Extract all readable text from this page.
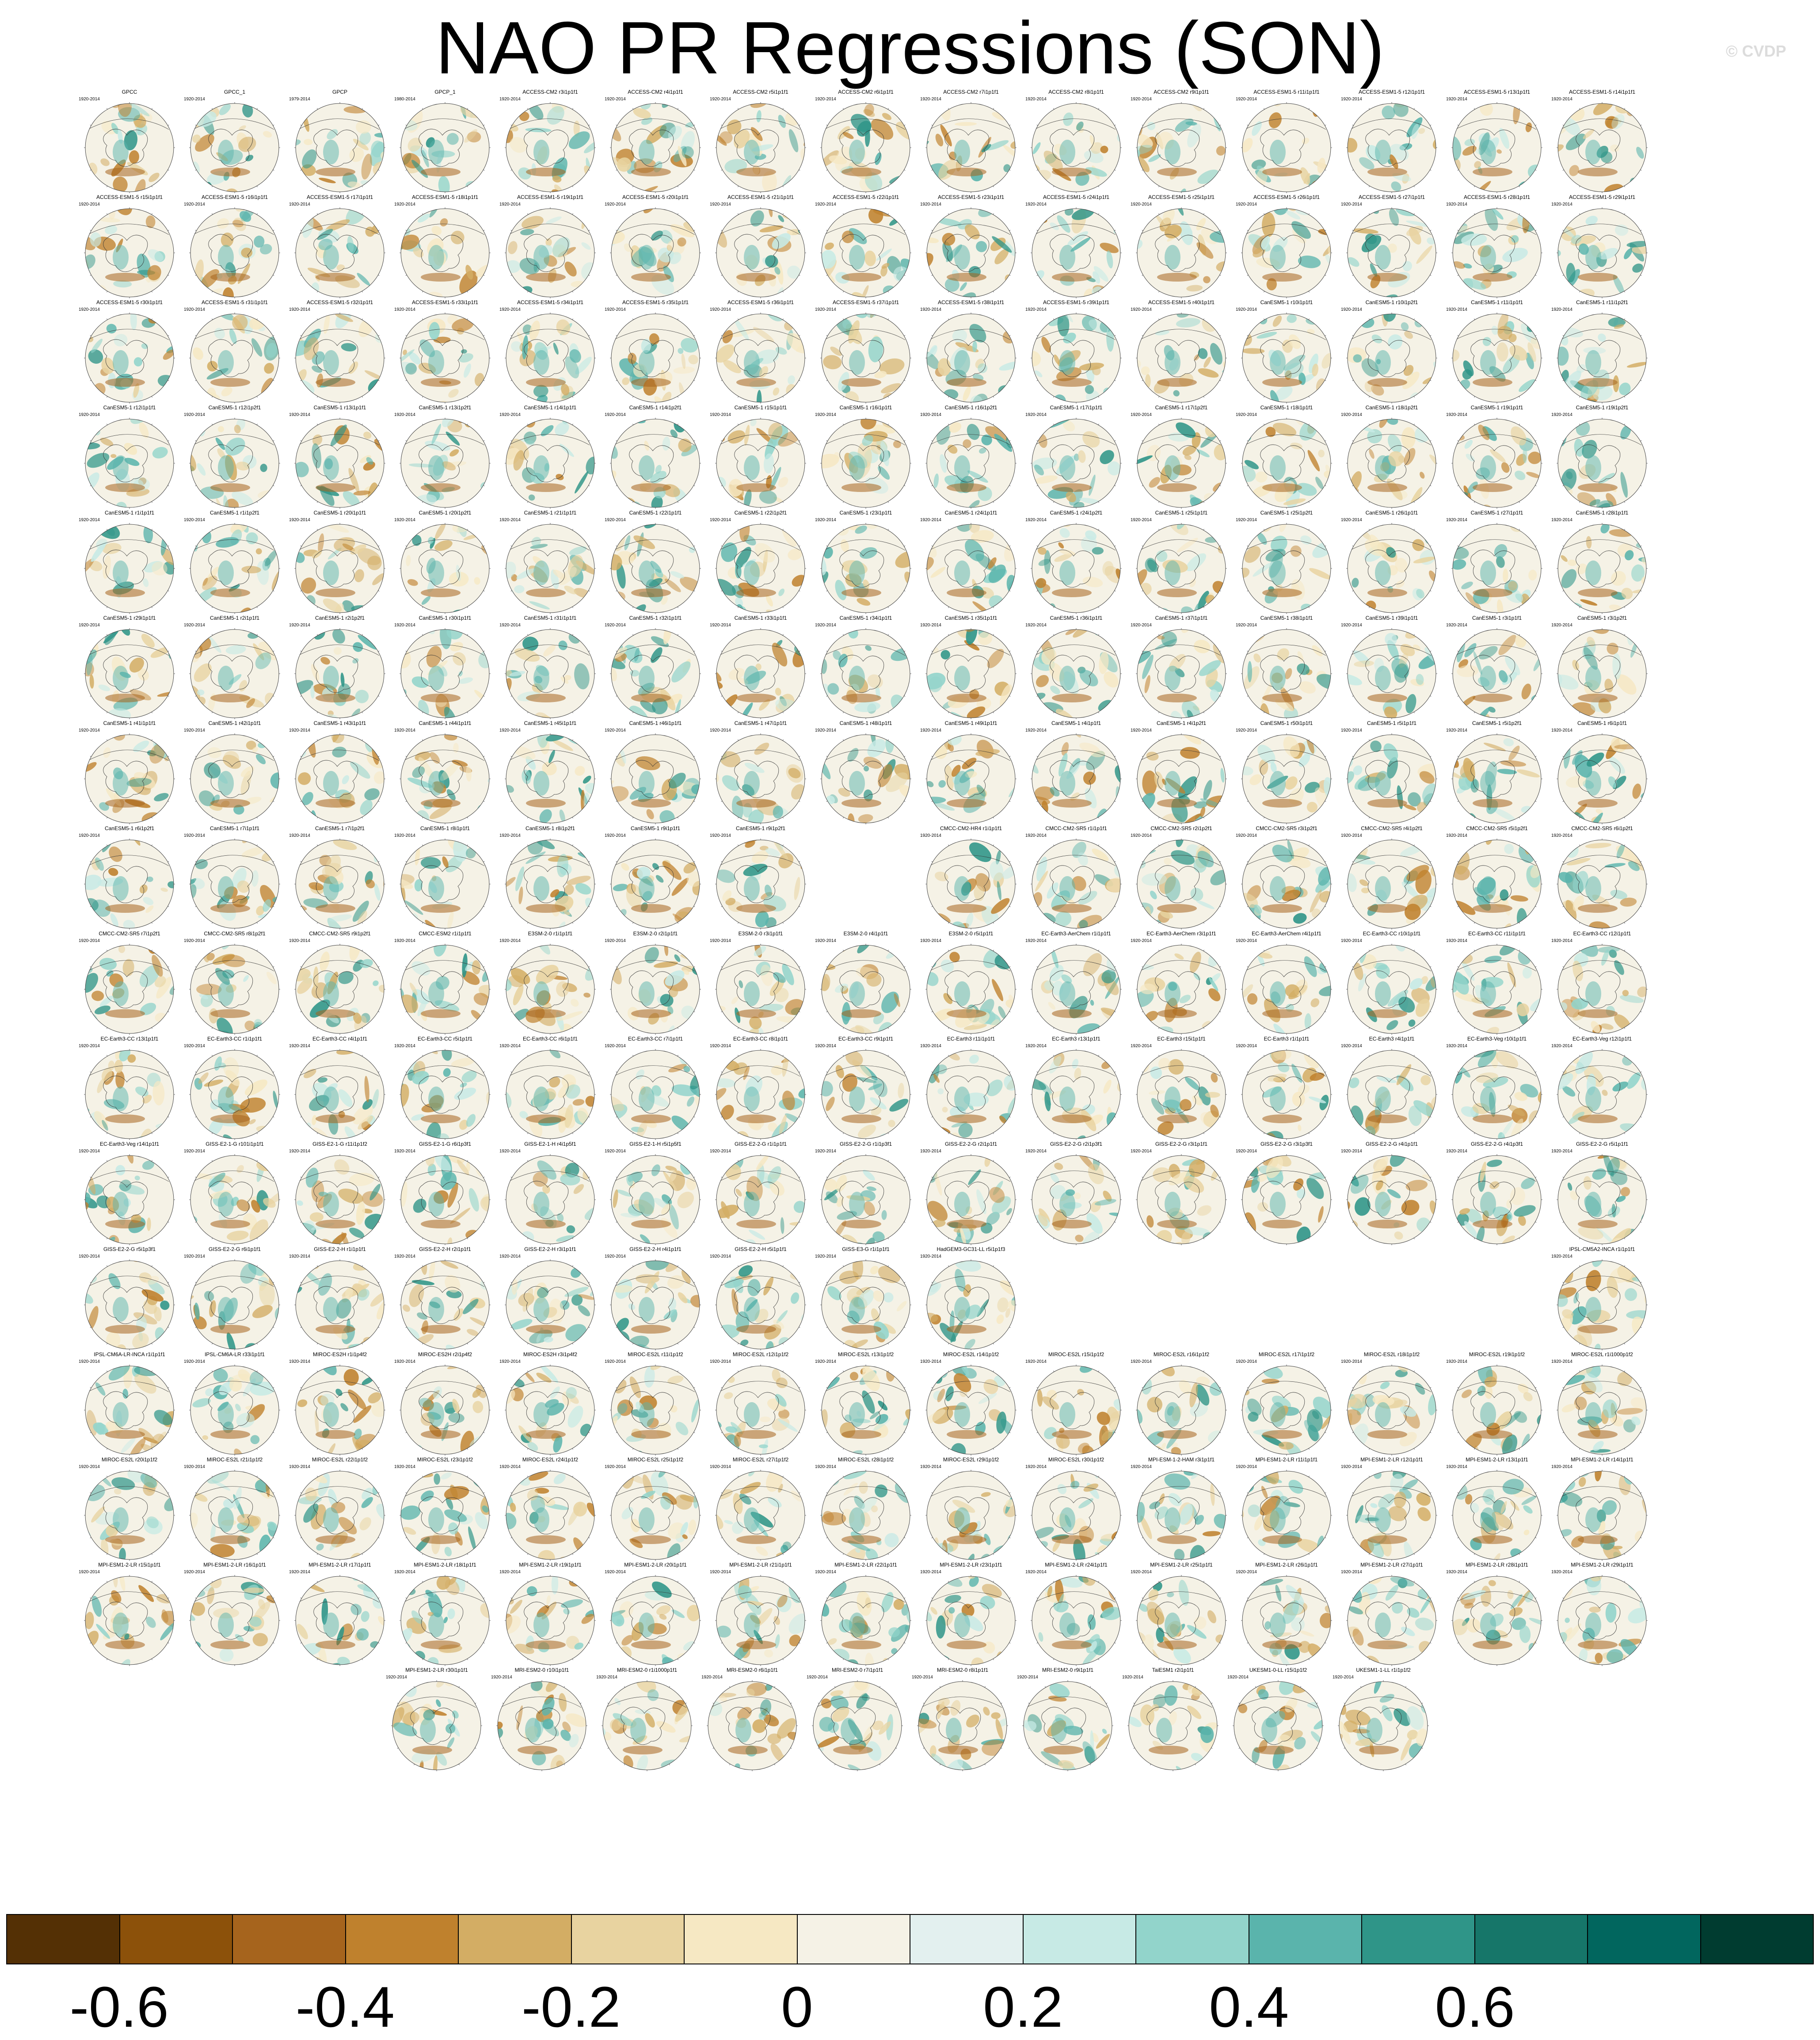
NAO PR Regressions (SON)	© CVDP
GPCC
1920-2014
GPCC_1
1920-2014
GPCP
1979-2014
GPCP_1
1980-2014
ACCESS-CM2 r3i1p1f1
1920-2014
ACCESS-CM2 r4i1p1f1
1920-2014
ACCESS-CM2 r5i1p1f1
1920-2014
ACCESS-CM2 r6i1p1f1
1920-2014
ACCESS-CM2 r7i1p1f1
1920-2014
ACCESS-CM2 r8i1p1f1
1920-2014
ACCESS-CM2 r9i1p1f1
1920-2014
ACCESS-ESM1-5 r11i1p1f1
1920-2014
ACCESS-ESM1-5 r12i1p1f1
1920-2014
ACCESS-ESM1-5 r13i1p1f1
1920-2014
ACCESS-ESM1-5 r14i1p1f1
1920-2014
ACCESS-ESM1-5 r15i1p1f1
1920-2014
ACCESS-ESM1-5 r16i1p1f1
1920-2014
ACCESS-ESM1-5 r17i1p1f1
1920-2014
ACCESS-ESM1-5 r18i1p1f1
1920-2014
ACCESS-ESM1-5 r19i1p1f1
1920-2014
ACCESS-ESM1-5 r20i1p1f1
1920-2014
ACCESS-ESM1-5 r21i1p1f1
1920-2014
ACCESS-ESM1-5 r22i1p1f1
1920-2014
ACCESS-ESM1-5 r23i1p1f1
1920-2014
ACCESS-ESM1-5 r24i1p1f1
1920-2014
ACCESS-ESM1-5 r25i1p1f1
1920-2014
ACCESS-ESM1-5 r26i1p1f1
1920-2014
ACCESS-ESM1-5 r27i1p1f1
1920-2014
ACCESS-ESM1-5 r28i1p1f1
1920-2014
ACCESS-ESM1-5 r29i1p1f1
1920-2014
ACCESS-ESM1-5 r30i1p1f1
1920-2014
ACCESS-ESM1-5 r31i1p1f1
1920-2014
ACCESS-ESM1-5 r32i1p1f1
1920-2014
ACCESS-ESM1-5 r33i1p1f1
1920-2014
ACCESS-ESM1-5 r34i1p1f1
1920-2014
ACCESS-ESM1-5 r35i1p1f1
1920-2014
ACCESS-ESM1-5 r36i1p1f1
1920-2014
ACCESS-ESM1-5 r37i1p1f1
1920-2014
ACCESS-ESM1-5 r38i1p1f1
1920-2014
ACCESS-ESM1-5 r39i1p1f1
1920-2014
ACCESS-ESM1-5 r40i1p1f1
1920-2014
CanESM5-1 r10i1p1f1
1920-2014
CanESM5-1 r10i1p2f1
1920-2014
CanESM5-1 r11i1p1f1
1920-2014
CanESM5-1 r11i1p2f1
1920-2014
CanESM5-1 r12i1p1f1
1920-2014
CanESM5-1 r12i1p2f1
1920-2014
CanESM5-1 r13i1p1f1
1920-2014
CanESM5-1 r13i1p2f1
1920-2014
CanESM5-1 r14i1p1f1
1920-2014
CanESM5-1 r14i1p2f1
1920-2014
CanESM5-1 r15i1p1f1
1920-2014
CanESM5-1 r16i1p1f1
1920-2014
CanESM5-1 r16i1p2f1
1920-2014
CanESM5-1 r17i1p1f1
1920-2014
CanESM5-1 r17i1p2f1
1920-2014
CanESM5-1 r18i1p1f1
1920-2014
CanESM5-1 r18i1p2f1
1920-2014
CanESM5-1 r19i1p1f1
1920-2014
CanESM5-1 r19i1p2f1
1920-2014
CanESM5-1 r1i1p1f1
1920-2014
CanESM5-1 r1i1p2f1
1920-2014
CanESM5-1 r20i1p1f1
1920-2014
CanESM5-1 r20i1p2f1
1920-2014
CanESM5-1 r21i1p1f1
1920-2014
CanESM5-1 r22i1p1f1
1920-2014
CanESM5-1 r22i1p2f1
1920-2014
CanESM5-1 r23i1p1f1
1920-2014
CanESM5-1 r24i1p1f1
1920-2014
CanESM5-1 r24i1p2f1
1920-2014
CanESM5-1 r25i1p1f1
1920-2014
CanESM5-1 r25i1p2f1
1920-2014
CanESM5-1 r26i1p1f1
1920-2014
CanESM5-1 r27i1p1f1
1920-2014
CanESM5-1 r28i1p1f1
1920-2014
CanESM5-1 r29i1p1f1
1920-2014
CanESM5-1 r2i1p1f1
1920-2014
CanESM5-1 r2i1p2f1
1920-2014
CanESM5-1 r30i1p1f1
1920-2014
CanESM5-1 r31i1p1f1
1920-2014
CanESM5-1 r32i1p1f1
1920-2014
CanESM5-1 r33i1p1f1
1920-2014
CanESM5-1 r34i1p1f1
1920-2014
CanESM5-1 r35i1p1f1
1920-2014
CanESM5-1 r36i1p1f1
1920-2014
CanESM5-1 r37i1p1f1
1920-2014
CanESM5-1 r38i1p1f1
1920-2014
CanESM5-1 r39i1p1f1
1920-2014
CanESM5-1 r3i1p1f1
1920-2014
CanESM5-1 r3i1p2f1
1920-2014
CanESM5-1 r41i1p1f1
1920-2014
CanESM5-1 r42i1p1f1
1920-2014
CanESM5-1 r43i1p1f1
1920-2014
CanESM5-1 r44i1p1f1
1920-2014
CanESM5-1 r45i1p1f1
1920-2014
CanESM5-1 r46i1p1f1
1920-2014
CanESM5-1 r47i1p1f1
1920-2014
CanESM5-1 r48i1p1f1
1920-2014
CanESM5-1 r49i1p1f1
1920-2014
CanESM5-1 r4i1p1f1
1920-2014
CanESM5-1 r4i1p2f1
1920-2014
CanESM5-1 r50i1p1f1
1920-2014
CanESM5-1 r5i1p1f1
1920-2014
CanESM5-1 r5i1p2f1
1920-2014
CanESM5-1 r6i1p1f1
1920-2014
CanESM5-1 r6i1p2f1
1920-2014
CanESM5-1 r7i1p1f1
1920-2014
CanESM5-1 r7i1p2f1
1920-2014
CanESM5-1 r8i1p1f1
1920-2014
CanESM5-1 r8i1p2f1
1920-2014
CanESM5-1 r9i1p1f1
1920-2014
CanESM5-1 r9i1p2f1
1920-2014
CMCC-CM2-HR4 r1i1p1f1
1920-2014
CMCC-CM2-SR5 r1i1p1f1
1920-2014
CMCC-CM2-SR5 r2i1p2f1
1920-2014
CMCC-CM2-SR5 r3i1p2f1
1920-2014
CMCC-CM2-SR5 r4i1p2f1
1920-2014
CMCC-CM2-SR5 r5i1p2f1
1920-2014
CMCC-CM2-SR5 r6i1p2f1
1920-2014
CMCC-CM2-SR5 r7i1p2f1
1920-2014
CMCC-CM2-SR5 r8i1p2f1
1920-2014
CMCC-CM2-SR5 r9i1p2f1
1920-2014
CMCC-ESM2 r1i1p1f1
1920-2014
E3SM-2-0 r1i1p1f1
1920-2014
E3SM-2-0 r2i1p1f1
1920-2014
E3SM-2-0 r3i1p1f1
1920-2014
E3SM-2-0 r4i1p1f1
1920-2014
E3SM-2-0 r5i1p1f1
1920-2014
EC-Earth3-AerChem r1i1p1f1
1920-2014
EC-Earth3-AerChem r3i1p1f1
1920-2014
EC-Earth3-AerChem r4i1p1f1
1920-2014
EC-Earth3-CC r10i1p1f1
1920-2014
EC-Earth3-CC r11i1p1f1
1920-2014
EC-Earth3-CC r12i1p1f1
1920-2014
EC-Earth3-CC r13i1p1f1
1920-2014
EC-Earth3-CC r1i1p1f1
1920-2014
EC-Earth3-CC r4i1p1f1
1920-2014
EC-Earth3-CC r5i1p1f1
1920-2014
EC-Earth3-CC r6i1p1f1
1920-2014
EC-Earth3-CC r7i1p1f1
1920-2014
EC-Earth3-CC r8i1p1f1
1920-2014
EC-Earth3-CC r9i1p1f1
1920-2014
EC-Earth3 r11i1p1f1
1920-2014
EC-Earth3 r13i1p1f1
1920-2014
EC-Earth3 r15i1p1f1
1920-2014
EC-Earth3 r1i1p1f1
1920-2014
EC-Earth3 r4i1p1f1
1920-2014
EC-Earth3-Veg r10i1p1f1
1920-2014
EC-Earth3-Veg r12i1p1f1
1920-2014
EC-Earth3-Veg r14i1p1f1
1920-2014
GISS-E2-1-G r101i1p1f1
1920-2014
GISS-E2-1-G r11i1p1f2
1920-2014
GISS-E2-1-G r6i1p3f1
1920-2014
GISS-E2-1-H r4i1p5f1
1920-2014
GISS-E2-1-H r5i1p5f1
1920-2014
GISS-E2-2-G r1i1p1f1
1920-2014
GISS-E2-2-G r1i1p3f1
1920-2014
GISS-E2-2-G r2i1p1f1
1920-2014
GISS-E2-2-G r2i1p3f1
1920-2014
GISS-E2-2-G r3i1p1f1
1920-2014
GISS-E2-2-G r3i1p3f1
1920-2014
GISS-E2-2-G r4i1p1f1
1920-2014
GISS-E2-2-G r4i1p3f1
1920-2014
GISS-E2-2-G r5i1p1f1
1920-2014
GISS-E2-2-G r5i1p3f1
1920-2014
GISS-E2-2-G r6i1p1f1
1920-2014
GISS-E2-2-H r1i1p1f1
1920-2014
GISS-E2-2-H r2i1p1f1
1920-2014
GISS-E2-2-H r3i1p1f1
1920-2014
GISS-E2-2-H r4i1p1f1
1920-2014
GISS-E2-2-H r5i1p1f1
1920-2014
GISS-E3-G r1i1p1f1
1920-2014
HadGEM3-GC31-LL r5i1p1f3
1920-2014
IPSL-CM5A2-INCA r1i1p1f1
1920-2014
IPSL-CM6A-LR-INCA r1i1p1f1
1920-2014
IPSL-CM6A-LR r33i1p1f1
1920-2014
MIROC-ES2H r1i1p4f2
1920-2014
MIROC-ES2H r2i1p4f2
1920-2014
MIROC-ES2H r3i1p4f2
1920-2014
MIROC-ES2L r11i1p1f2
1920-2014
MIROC-ES2L r12i1p1f2
1920-2014
MIROC-ES2L r13i1p1f2
1920-2014
MIROC-ES2L r14i1p1f2
1920-2014
MIROC-ES2L r15i1p1f2
1920-2014
MIROC-ES2L r16i1p1f2
1920-2014
MIROC-ES2L r17i1p1f2
1920-2014
MIROC-ES2L r18i1p1f2
1920-2014
MIROC-ES2L r19i1p1f2
1920-2014
MIROC-ES2L r1i1000p1f2
1920-2014
MIROC-ES2L r20i1p1f2
1920-2014
MIROC-ES2L r21i1p1f2
1920-2014
MIROC-ES2L r22i1p1f2
1920-2014
MIROC-ES2L r23i1p1f2
1920-2014
MIROC-ES2L r24i1p1f2
1920-2014
MIROC-ES2L r25i1p1f2
1920-2014
MIROC-ES2L r27i1p1f2
1920-2014
MIROC-ES2L r28i1p1f2
1920-2014
MIROC-ES2L r29i1p1f2
1920-2014
MIROC-ES2L r30i1p1f2
1920-2014
MPI-ESM-1-2-HAM r3i1p1f1
1920-2014
MPI-ESM1-2-LR r11i1p1f1
1920-2014
MPI-ESM1-2-LR r12i1p1f1
1920-2014
MPI-ESM1-2-LR r13i1p1f1
1920-2014
MPI-ESM1-2-LR r14i1p1f1
1920-2014
MPI-ESM1-2-LR r15i1p1f1
1920-2014
MPI-ESM1-2-LR r16i1p1f1
1920-2014
MPI-ESM1-2-LR r17i1p1f1
1920-2014
MPI-ESM1-2-LR r18i1p1f1
1920-2014
MPI-ESM1-2-LR r19i1p1f1
1920-2014
MPI-ESM1-2-LR r20i1p1f1
1920-2014
MPI-ESM1-2-LR r21i1p1f1
1920-2014
MPI-ESM1-2-LR r22i1p1f1
1920-2014
MPI-ESM1-2-LR r23i1p1f1
1920-2014
MPI-ESM1-2-LR r24i1p1f1
1920-2014
MPI-ESM1-2-LR r25i1p1f1
1920-2014
MPI-ESM1-2-LR r26i1p1f1
1920-2014
MPI-ESM1-2-LR r27i1p1f1
1920-2014
MPI-ESM1-2-LR r28i1p1f1
1920-2014
MPI-ESM1-2-LR r29i1p1f1
1920-2014
MPI-ESM1-2-LR r30i1p1f1
1920-2014
MRI-ESM2-0 r10i1p1f1
1920-2014
MRI-ESM2-0 r1i1000p1f1
1920-2014
MRI-ESM2-0 r6i1p1f1
1920-2014
MRI-ESM2-0 r7i1p1f1
1920-2014
MRI-ESM2-0 r8i1p1f1
1920-2014
MRI-ESM2-0 r9i1p1f1
1920-2014
TaiESM1 r2i1p1f1
1920-2014
UKESM1-0-LL r15i1p1f2
1920-2014
UKESM1-1-LL r1i1p1f2
1920-2014
-0.6 -0.4 -0.2	0	0.2	0.4	0.6
